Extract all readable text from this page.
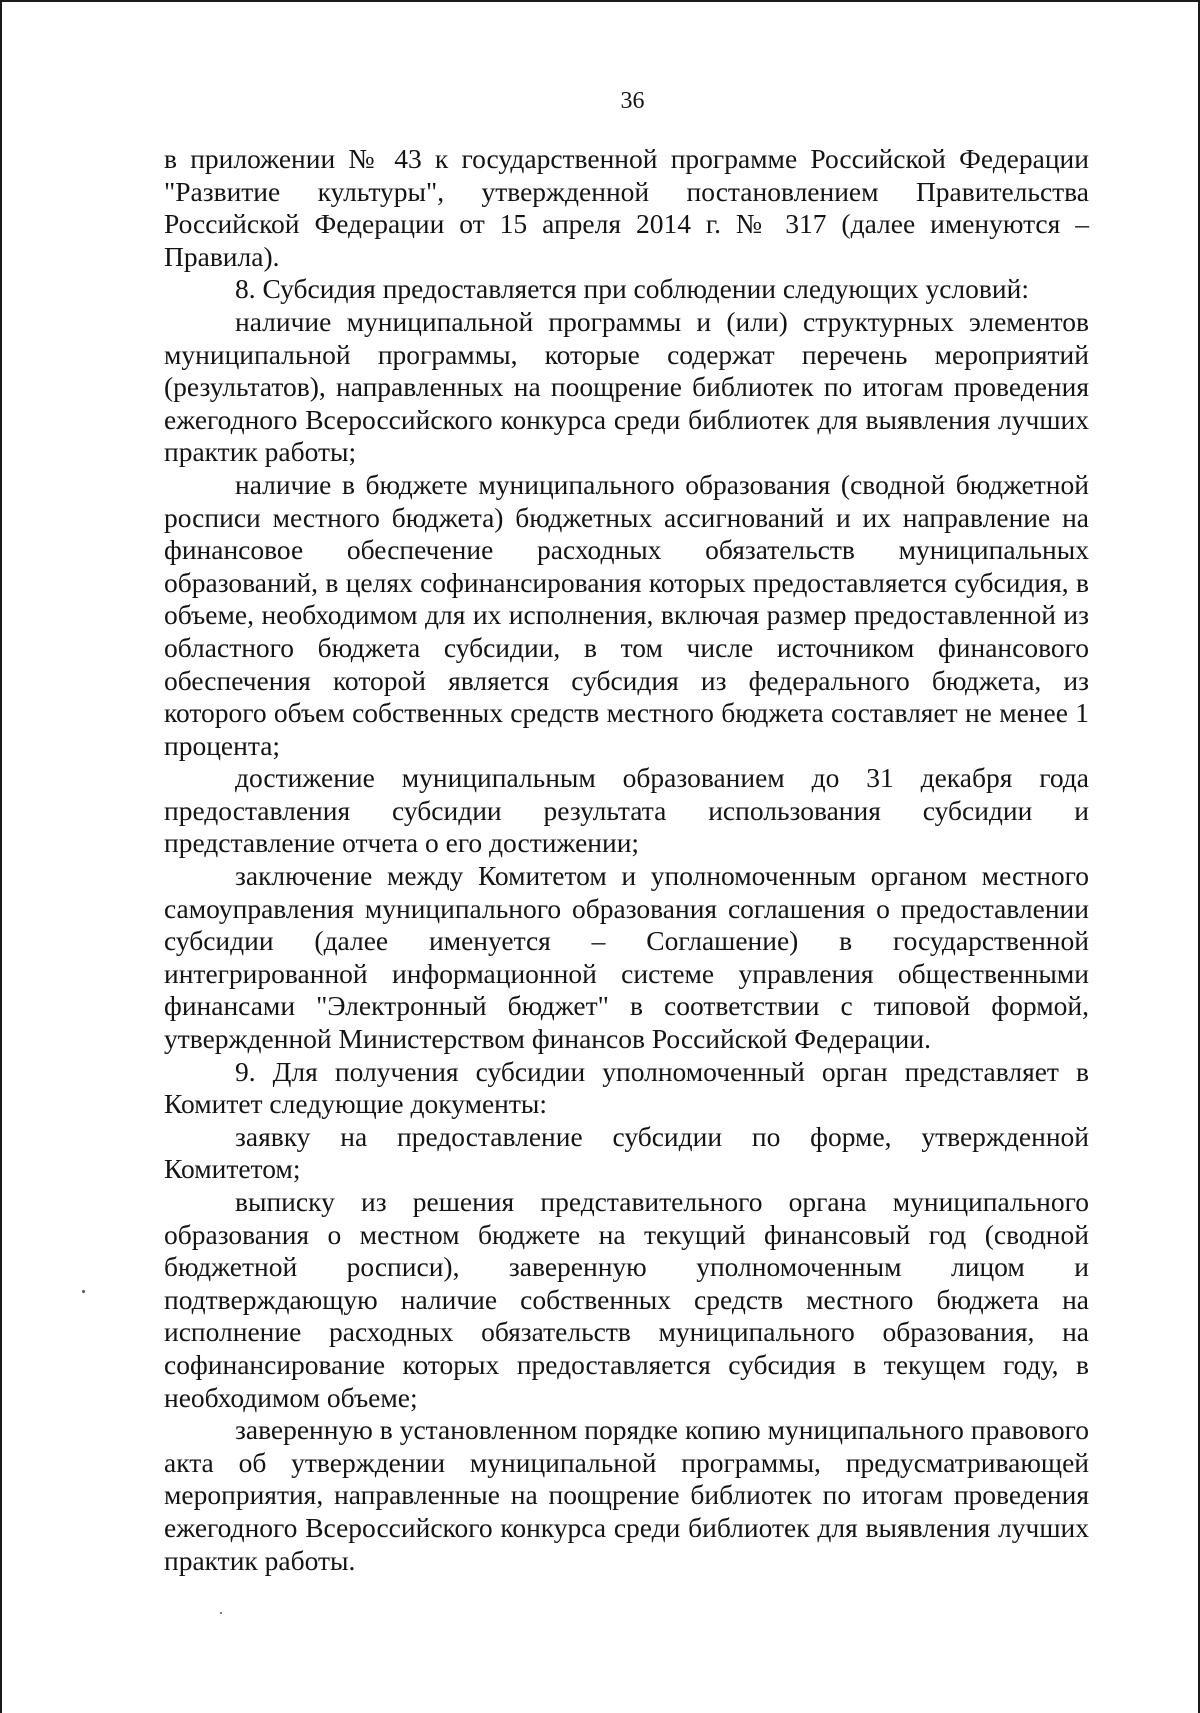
36

в приложении № 43 к государственной программе Российской Федерации "Развитие культуры", утвержденной постановлением Правительства Российской Федерации от 15 апреля 2014 г. № 317 (далее именуются – Правила).

8. Субсидия предоставляется при соблюдении следующих условий:

наличие муниципальной программы и (или) структурных элементов муниципальной программы, которые содержат перечень мероприятий (результатов), направленных на поощрение библиотек по итогам проведения ежегодного Всероссийского конкурса среди библиотек для выявления лучших практик работы;

наличие в бюджете муниципального образования (сводной бюджетной росписи местного бюджета) бюджетных ассигнований и их направление на финансовое обеспечение расходных обязательств муниципальных образований, в целях софинансирования которых предоставляется субсидия, в объеме, необходимом для их исполнения, включая размер предоставленной из областного бюджета субсидии, в том числе источником финансового обеспечения которой является субсидия из федерального бюджета, из которого объем собственных средств местного бюджета составляет не менее 1 процента;

достижение муниципальным образованием до 31 декабря года предоставления субсидии результата использования субсидии и представление отчета о его достижении;

заключение между Комитетом и уполномоченным органом местного самоуправления муниципального образования соглашения о предоставлении субсидии (далее именуется – Соглашение) в государственной интегрированной информационной системе управления общественными финансами "Электронный бюджет" в соответствии с типовой формой, утвержденной Министерством финансов Российской Федерации.

9. Для получения субсидии уполномоченный орган представляет в Комитет следующие документы:

заявку на предоставление субсидии по форме, утвержденной Комитетом;

выписку из решения представительного органа муниципального образования о местном бюджете на текущий финансовый год (сводной бюджетной росписи), заверенную уполномоченным лицом и подтверждающую наличие собственных средств местного бюджета на исполнение расходных обязательств муниципального образования, на софинансирование которых предоставляется субсидия в текущем году, в необходимом объеме;

заверенную в установленном порядке копию муниципального правового акта об утверждении муниципальной программы, предусматривающей мероприятия, направленные на поощрение библиотек по итогам проведения ежегодного Всероссийского конкурса среди библиотек для выявления лучших практик работы.
